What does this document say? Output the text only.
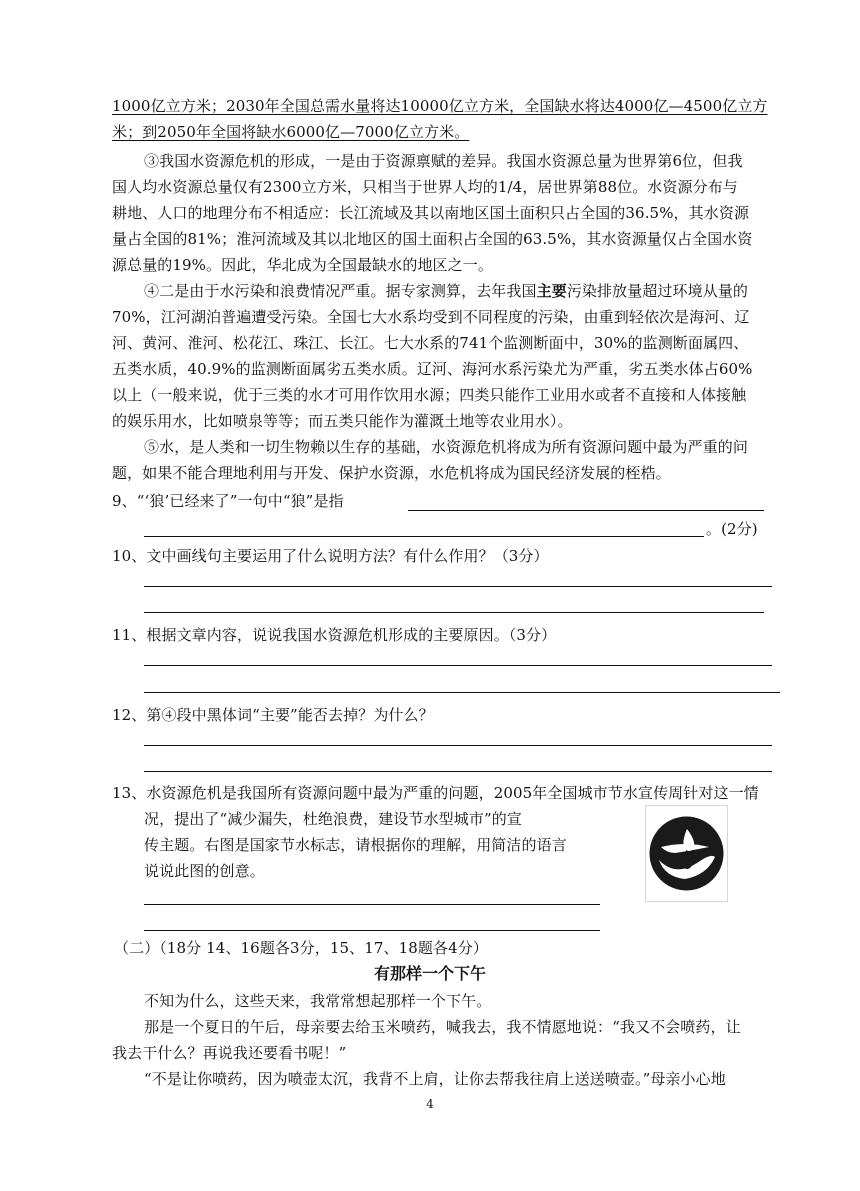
1000亿立方米；2030年全国总需水量将达10000亿立方米，全国缺水将达4000亿—4500亿立方
米；到2050年全国将缺水6000亿—7000亿立方米。
③我国水资源危机的形成，一是由于资源禀赋的差异。我国水资源总量为世界第6位，但我
国人均水资源总量仅有2300立方米，只相当于世界人均的1/4，居世界第88位。水资源分布与
耕地、人口的地理分布不相适应：长江流域及其以南地区国土面积只占全国的36.5%，其水资源
量占全国的81%；淮河流域及其以北地区的国土面积占全国的63.5%，其水资源量仅占全国水资
源总量的19%。因此，华北成为全国最缺水的地区之一。
④二是由于水污染和浪费情况严重。据专家测算，去年我国主要污染排放量超过环境从量的
70%，江河湖泊普遍遭受污染。全国七大水系均受到不同程度的污染，由重到轻依次是海河、辽
河、黄河、淮河、松花江、珠江、长江。七大水系的741个监测断面中，30%的监测断面属四、
五类水质，40.9%的监测断面属劣五类水质。辽河、海河水系污染尤为严重，劣五类水体占60%
以上（一般来说，优于三类的水才可用作饮用水源；四类只能作工业用水或者不直接和人体接触
的娱乐用水，比如喷泉等等；而五类只能作为灌溉土地等农业用水）。
⑤水，是人类和一切生物赖以生存的基础，水资源危机将成为所有资源问题中最为严重的问
题，如果不能合理地利用与开发、保护水资源，水危机将成为国民经济发展的桎梏。
9、“‘狼’已经来了”一句中“狼”是指
。(2分)
10、文中画线句主要运用了什么说明方法？有什么作用？（3分）
11、根据文章内容，说说我国水资源危机形成的主要原因。（3分）
12、第④段中黑体词“主要”能否去掉？为什么？
13、水资源危机是我国所有资源问题中最为严重的问题，2005年全国城市节水宣传周针对这一情
况，提出了“减少漏失，杜绝浪费，建设节水型城市”的宣
传主题。右图是国家节水标志，请根据你的理解，用简洁的语言
说说此图的创意。
（二）（18分 14、16题各3分，15、17、18题各4分）
有那样一个下午
不知为什么，这些天来，我常常想起那样一个下午。
那是一个夏日的午后，母亲要去给玉米喷药，喊我去，我不情愿地说：“我又不会喷药，让
我去干什么？再说我还要看书呢！”
“不是让你喷药，因为喷壶太沉，我背不上肩，让你去帮我往肩上送送喷壶。”母亲小心地
4
